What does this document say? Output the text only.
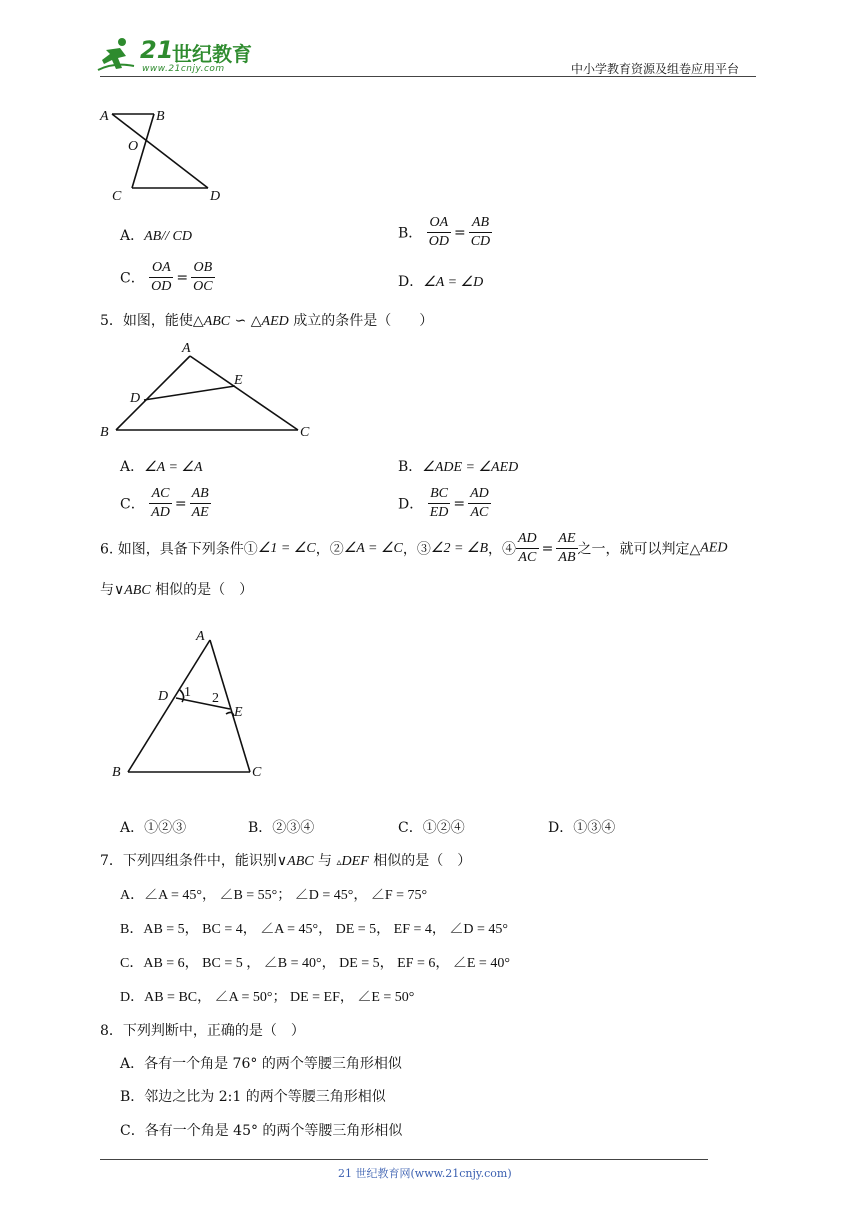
21
世纪教育
www.21cnjy.com	中小学教育资源及组卷应用平台
A	B
O
C	D
A．AB// CD	B． $\frac{OA}{OD} = \frac{AB}{CD}$
C． $\frac{OA}{OD} = \frac{OB}{OC}$	D．∠A = ∠D
5．如图，能使△ABC ∽ △AED 成立的条件是（　　）
A
E
D
B	C
A．∠A = ∠A	B．∠ADE = ∠AED
C． $\frac{AC}{AD} = \frac{AB}{AE}$	D． $\frac{BC}{ED} = \frac{AD}{AC}$
6. 如图，具备下列条件①∠1 = ∠C，②∠A = ∠C，③∠2 = ∠B，④ $\frac{AD}{AC} = \frac{AE}{AB}$ 之一，就可以判定△AED
与∨ABC 相似的是（　）
A
D 1 2
E
B	C
A．①②③	B．②③④	C．①②④	D．①③④
7．下列四组条件中，能识别∨ABC 与 ▵DEF 相似的是（　）
A．∠A = 45°， ∠B = 55°； ∠D = 45°， ∠F = 75°
B．AB = 5， BC = 4， ∠A = 45°， DE = 5， EF = 4， ∠D = 45°
C．AB = 6， BC = 5 ， ∠B = 40°， DE = 5， EF = 6， ∠E = 40°
D．AB = BC， ∠A = 50°； DE = EF， ∠E = 50°
8．下列判断中，正确的是（　）
A．各有一个角是 76° 的两个等腰三角形相似
B．邻边之比为 2:1 的两个等腰三角形相似
C．各有一个角是 45° 的两个等腰三角形相似
21 世纪教育网(www.21cnjy.com)
